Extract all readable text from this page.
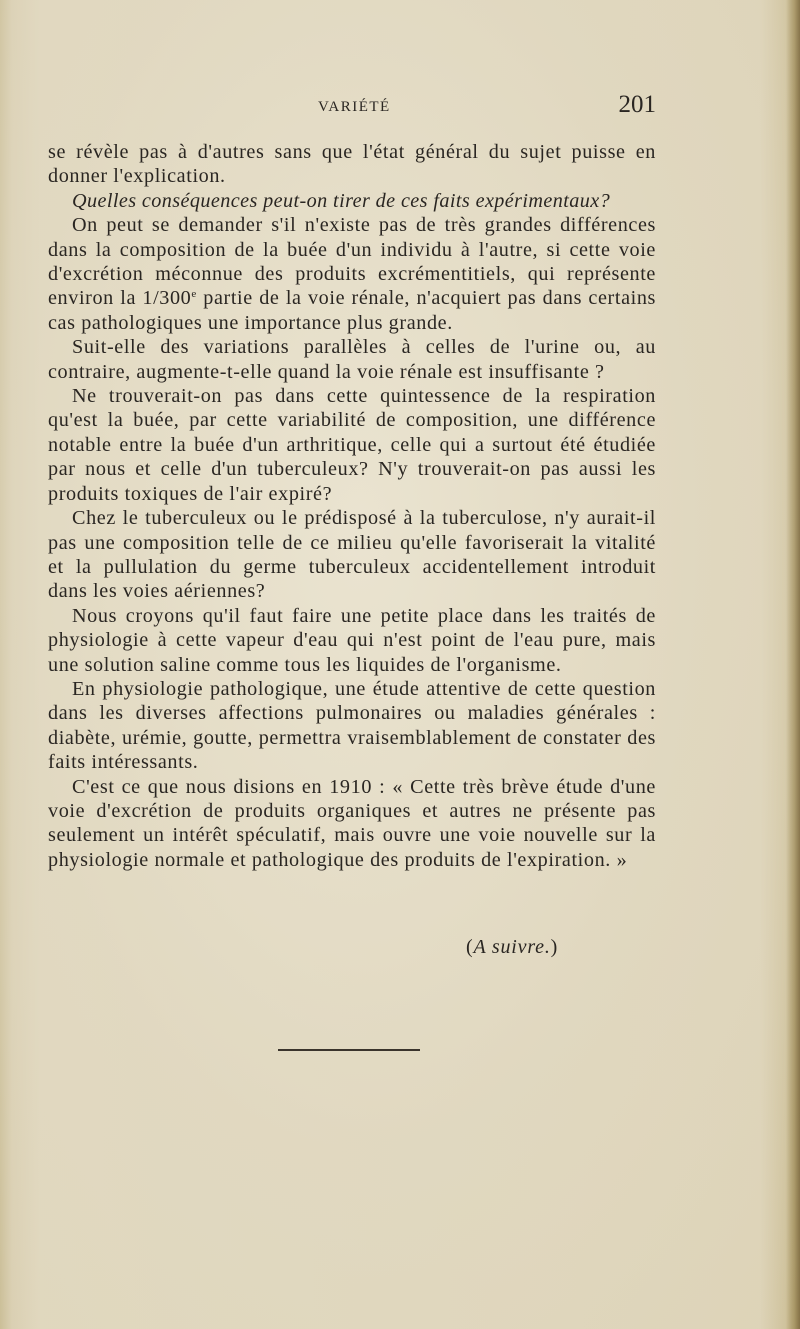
VARIÉTÉ	201

se révèle pas à d'autres sans que l'état général du sujet puisse en donner l'explication.

Quelles conséquences peut-on tirer de ces faits expérimentaux?

On peut se demander s'il n'existe pas de très grandes différences dans la composition de la buée d'un individu à l'autre, si cette voie d'excrétion méconnue des produits excrémentitiels, qui représente environ la 1/300e partie de la voie rénale, n'acquiert pas dans certains cas pathologiques une importance plus grande.

Suit-elle des variations parallèles à celles de l'urine ou, au contraire, augmente-t-elle quand la voie rénale est insuffisante ?

Ne trouverait-on pas dans cette quintessence de la respiration qu'est la buée, par cette variabilité de composition, une différence notable entre la buée d'un arthritique, celle qui a surtout été étudiée par nous et celle d'un tuberculeux? N'y trouverait-on pas aussi les produits toxiques de l'air expiré?

Chez le tuberculeux ou le prédisposé à la tuberculose, n'y aurait-il pas une composition telle de ce milieu qu'elle favoriserait la vitalité et la pullulation du germe tuberculeux accidentellement introduit dans les voies aériennes?

Nous croyons qu'il faut faire une petite place dans les traités de physiologie à cette vapeur d'eau qui n'est point de l'eau pure, mais une solution saline comme tous les liquides de l'organisme.

En physiologie pathologique, une étude attentive de cette question dans les diverses affections pulmonaires ou maladies générales : diabète, urémie, goutte, permettra vraisemblablement de constater des faits intéressants.

C'est ce que nous disions en 1910 : « Cette très brève étude d'une voie d'excrétion de produits organiques et autres ne présente pas seulement un intérêt spéculatif, mais ouvre une voie nouvelle sur la physiologie normale et pathologique des produits de l'expiration. »

(A suivre.)
